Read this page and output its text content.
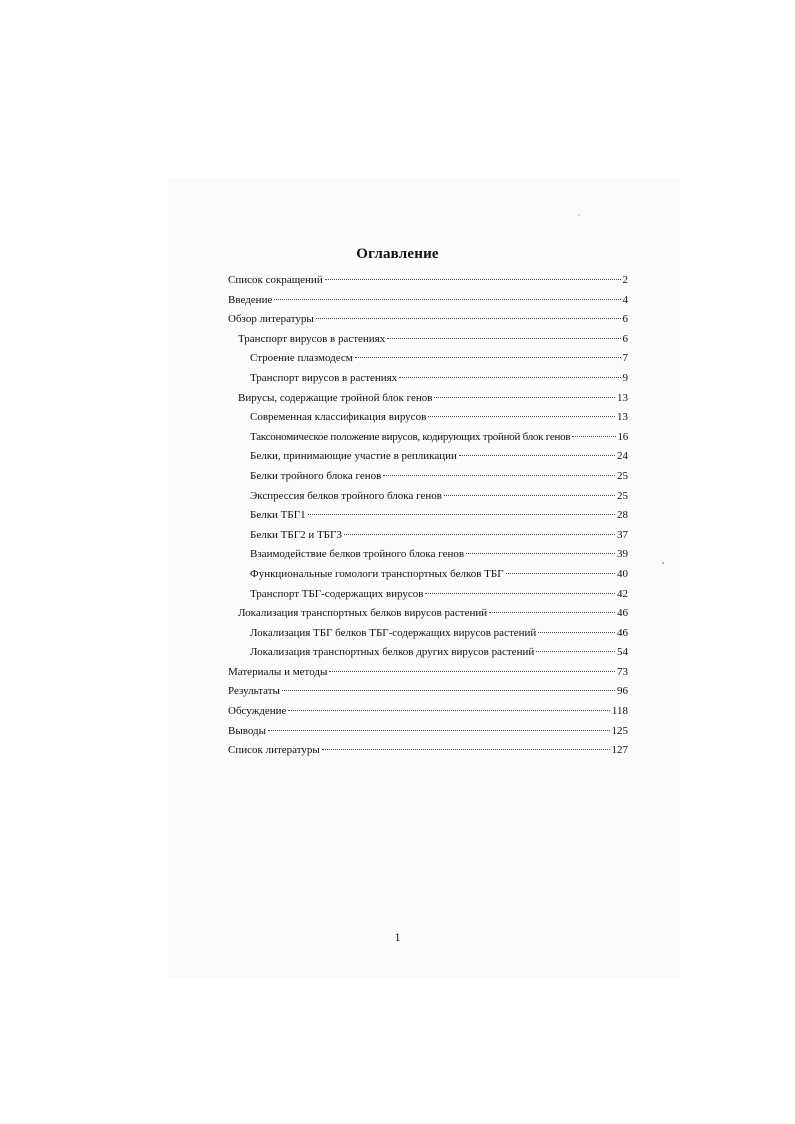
Оглавление
Список сокращений	2
Введение	4
Обзор литературы	6
Транспорт вирусов в растениях	6
Строение плазмодесм	7
Транспорт вирусов в растениях	9
Вирусы, содержащие тройной блок генов	13
Современная классификация вирусов	13
Таксономическое положение вирусов, кодирующих тройной блок генов	16
Белки, принимающие участие в репликации	24
Белки тройного блока генов	25
Экспрессия белков тройного блока генов	25
Белки ТБГ1	28
Белки ТБГ2 и ТБГ3	37
Взаимодействие белков тройного блока генов	39
Функциональные гомологи транспортных белков ТБГ	40
Транспорт ТБГ-содержащих вирусов	42
Локализация транспортных белков вирусов растений	46
Локализация ТБГ белков ТБГ-содержащих вирусов растений	46
Локализация транспортных белков других вирусов растений	54
Материалы и методы	73
Результаты	96
Обсуждение	118
Выводы	125
Список литературы	127
1
